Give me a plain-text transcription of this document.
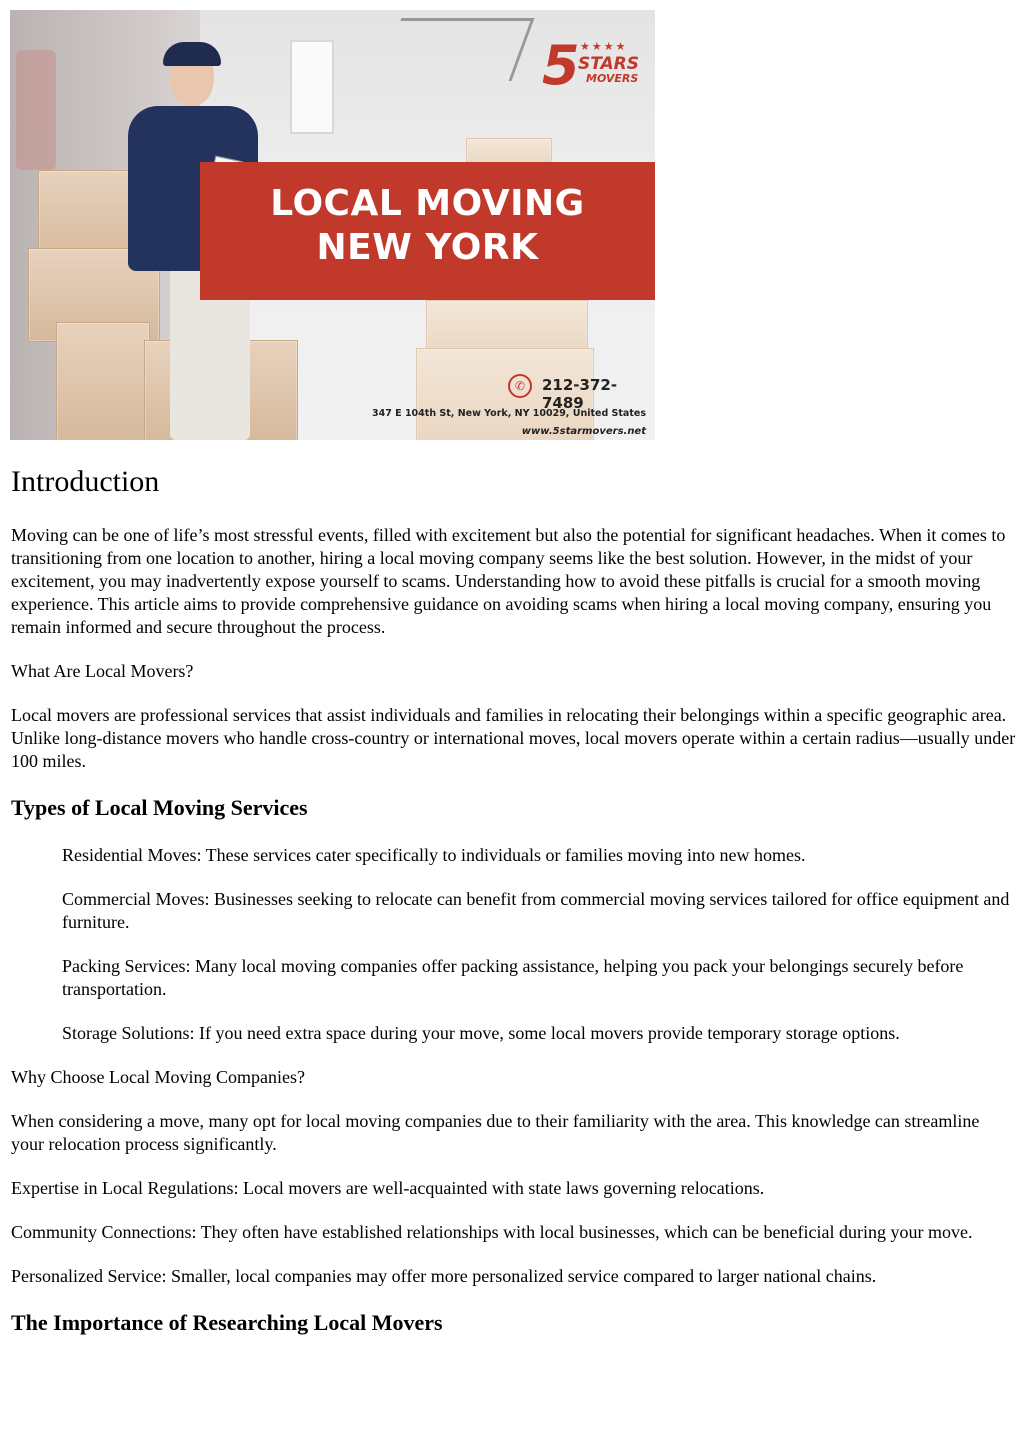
LOCAL MOVING
NEW YORK
5 ★★★★
STARS
MOVERS
✆	212-372-7489
347 E 104th St, New York, NY 10029, United States
www.5starmovers.net
Introduction

Moving can be one of life’s most stressful events, filled with excitement but also the potential for significant headaches. When it comes to transitioning from one location to another, hiring a local moving company seems like the best solution. However, in the midst of your excitement, you may inadvertently expose yourself to scams. Understanding how to avoid these pitfalls is crucial for a smooth moving experience. This article aims to provide comprehensive guidance on avoiding scams when hiring a local moving company, ensuring you remain informed and secure throughout the process.

What Are Local Movers?

Local movers are professional services that assist individuals and families in relocating their belongings within a specific geographic area. Unlike long-distance movers who handle cross-country or international moves, local movers operate within a certain radius—usually under 100 miles.

Types of Local Moving Services

Residential Moves: These services cater specifically to individuals or families moving into new homes.

Commercial Moves: Businesses seeking to relocate can benefit from commercial moving services tailored for office equipment and furniture.

Packing Services: Many local moving companies offer packing assistance, helping you pack your belongings securely before transportation.

Storage Solutions: If you need extra space during your move, some local movers provide temporary storage options.

Why Choose Local Moving Companies?

When considering a move, many opt for local moving companies due to their familiarity with the area. This knowledge can streamline your relocation process significantly.

Expertise in Local Regulations: Local movers are well-acquainted with state laws governing relocations.

Community Connections: They often have established relationships with local businesses, which can be beneficial during your move.

Personalized Service: Smaller, local companies may offer more personalized service compared to larger national chains.

The Importance of Researching Local Movers
